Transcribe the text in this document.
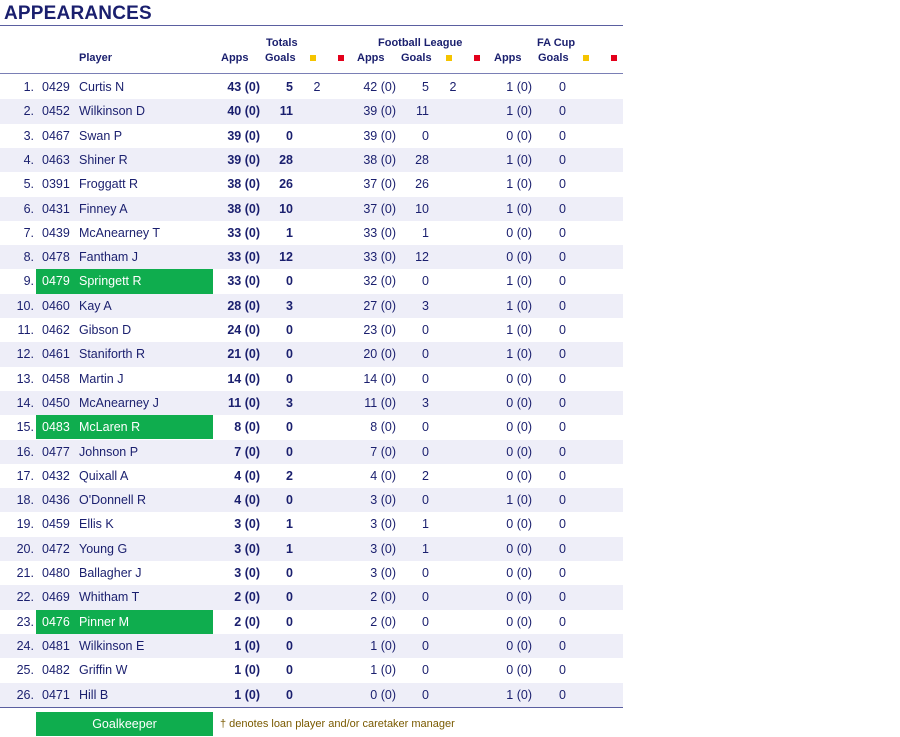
APPEARANCES
Player
Totals
Apps Goals
Football League
Apps Goals
FA Cup
Apps Goals
1. 0429 Curtis N	43 (0)	5	2	42 (0)	5	2	1 (0)	0
2. 0452 Wilkinson D	40 (0)	11	39 (0)	11	1 (0)	0
3. 0467 Swan P	39 (0)	0	39 (0)	0	0 (0)	0
4. 0463 Shiner R	39 (0)	28	38 (0)	28	1 (0)	0
5. 0391 Froggatt R	38 (0)	26	37 (0)	26	1 (0)	0
6. 0431 Finney A	38 (0)	10	37 (0)	10	1 (0)	0
7. 0439 McAnearney T	33 (0)	1	33 (0)	1	0 (0)	0
8. 0478 Fantham J	33 (0)	12	33 (0)	12	0 (0)	0
9. 0479 Springett R	33 (0)	0	32 (0)	0	1 (0)	0
10. 0460 Kay A	28 (0)	3	27 (0)	3	1 (0)	0
11. 0462 Gibson D	24 (0)	0	23 (0)	0	1 (0)	0
12. 0461 Staniforth R	21 (0)	0	20 (0)	0	1 (0)	0
13. 0458 Martin J	14 (0)	0	14 (0)	0	0 (0)	0
14. 0450 McAnearney J	11 (0)	3	11 (0)	3	0 (0)	0
15. 0483 McLaren R	8 (0)	0	8 (0)	0	0 (0)	0
16. 0477 Johnson P	7 (0)	0	7 (0)	0	0 (0)	0
17. 0432 Quixall A	4 (0)	2	4 (0)	2	0 (0)	0
18. 0436 O'Donnell R	4 (0)	0	3 (0)	0	1 (0)	0
19. 0459 Ellis K	3 (0)	1	3 (0)	1	0 (0)	0
20. 0472 Young G	3 (0)	1	3 (0)	1	0 (0)	0
21. 0480 Ballagher J	3 (0)	0	3 (0)	0	0 (0)	0
22. 0469 Whitham T	2 (0)	0	2 (0)	0	0 (0)	0
23. 0476 Pinner M	2 (0)	0	2 (0)	0	0 (0)	0
24. 0481 Wilkinson E	1 (0)	0	1 (0)	0	0 (0)	0
25. 0482 Griffin W	1 (0)	0	1 (0)	0	0 (0)	0
26. 0471 Hill B	1 (0)	0	0 (0)	0	1 (0)	0
Goalkeeper	† denotes loan player and/or caretaker manager
